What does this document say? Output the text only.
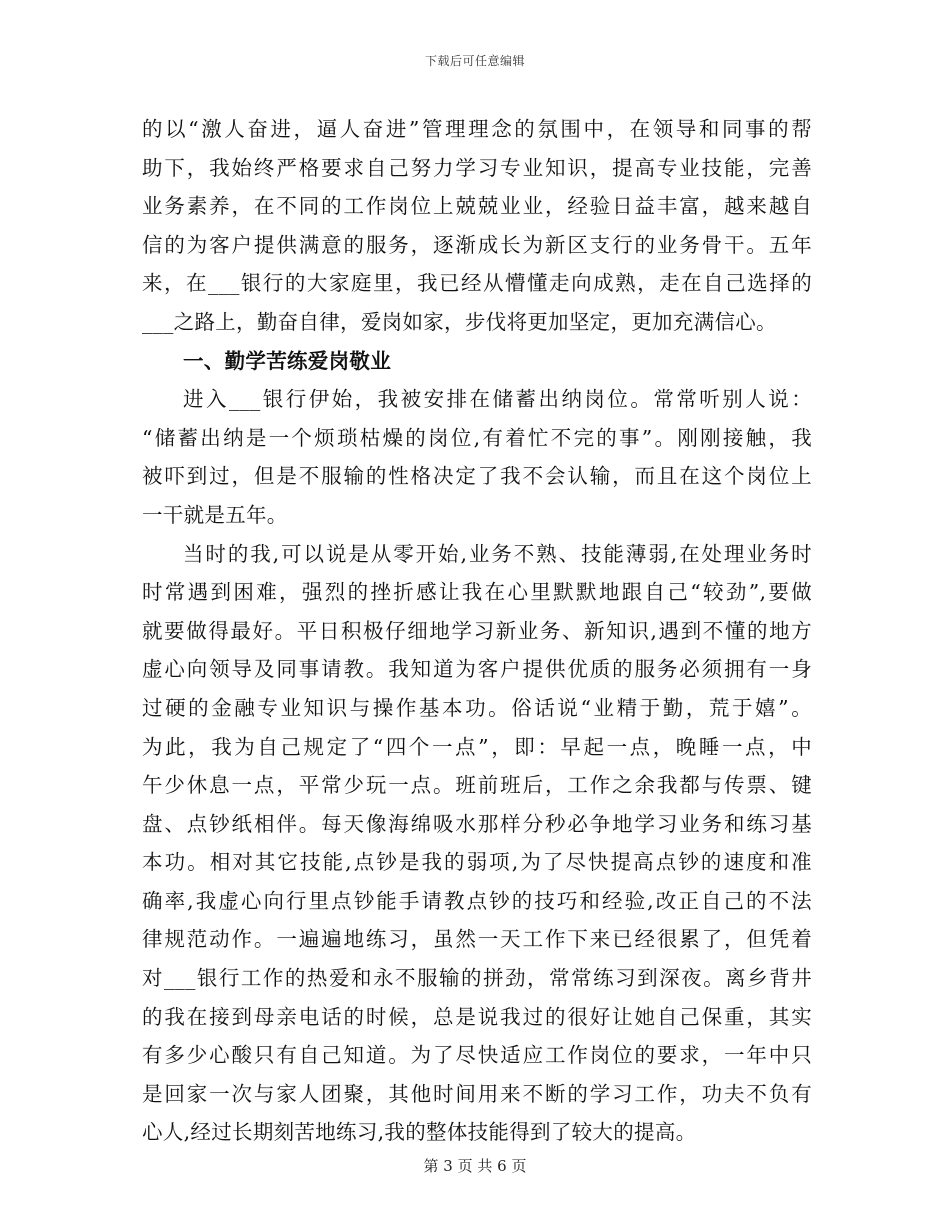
下载后可任意编辑
的以“激人奋进，逼人奋进”管理理念的氛围中，在领导和同事的帮
助下，我始终严格要求自己努力学习专业知识，提高专业技能，完善
业务素养，在不同的工作岗位上兢兢业业，经验日益丰富，越来越自
信的为客户提供满意的服务，逐渐成长为新区支行的业务骨干。五年
来，在___银行的大家庭里，我已经从懵懂走向成熟，走在自己选择的
___之路上，勤奋自律，爱岗如家，步伐将更加坚定，更加充满信心。
一、勤学苦练爱岗敬业
进入___银行伊始，我被安排在储蓄出纳岗位。常常听别人说：
“储蓄出纳是一个烦琐枯燥的岗位,有着忙不完的事”。刚刚接触，我
被吓到过，但是不服输的性格决定了我不会认输，而且在这个岗位上
一干就是五年。
当时的我,可以说是从零开始,业务不熟、技能薄弱,在处理业务时
时常遇到困难，强烈的挫折感让我在心里默默地跟自己“较劲”,要做
就要做得最好。平日积极仔细地学习新业务、新知识,遇到不懂的地方
虚心向领导及同事请教。我知道为客户提供优质的服务必须拥有一身
过硬的金融专业知识与操作基本功。俗话说“业精于勤，荒于嬉”。
为此，我为自己规定了“四个一点”，即：早起一点，晚睡一点，中
午少休息一点，平常少玩一点。班前班后，工作之余我都与传票、键
盘、点钞纸相伴。每天像海绵吸水那样分秒必争地学习业务和练习基
本功。相对其它技能,点钞是我的弱项,为了尽快提高点钞的速度和准
确率,我虚心向行里点钞能手请教点钞的技巧和经验,改正自己的不法
律规范动作。一遍遍地练习，虽然一天工作下来已经很累了，但凭着
对___银行工作的热爱和永不服输的拼劲，常常练习到深夜。离乡背井
的我在接到母亲电话的时候，总是说我过的很好让她自己保重，其实
有多少心酸只有自己知道。为了尽快适应工作岗位的要求，一年中只
是回家一次与家人团聚，其他时间用来不断的学习工作，功夫不负有
心人,经过长期刻苦地练习,我的整体技能得到了较大的提高。
第 3 页 共 6 页
